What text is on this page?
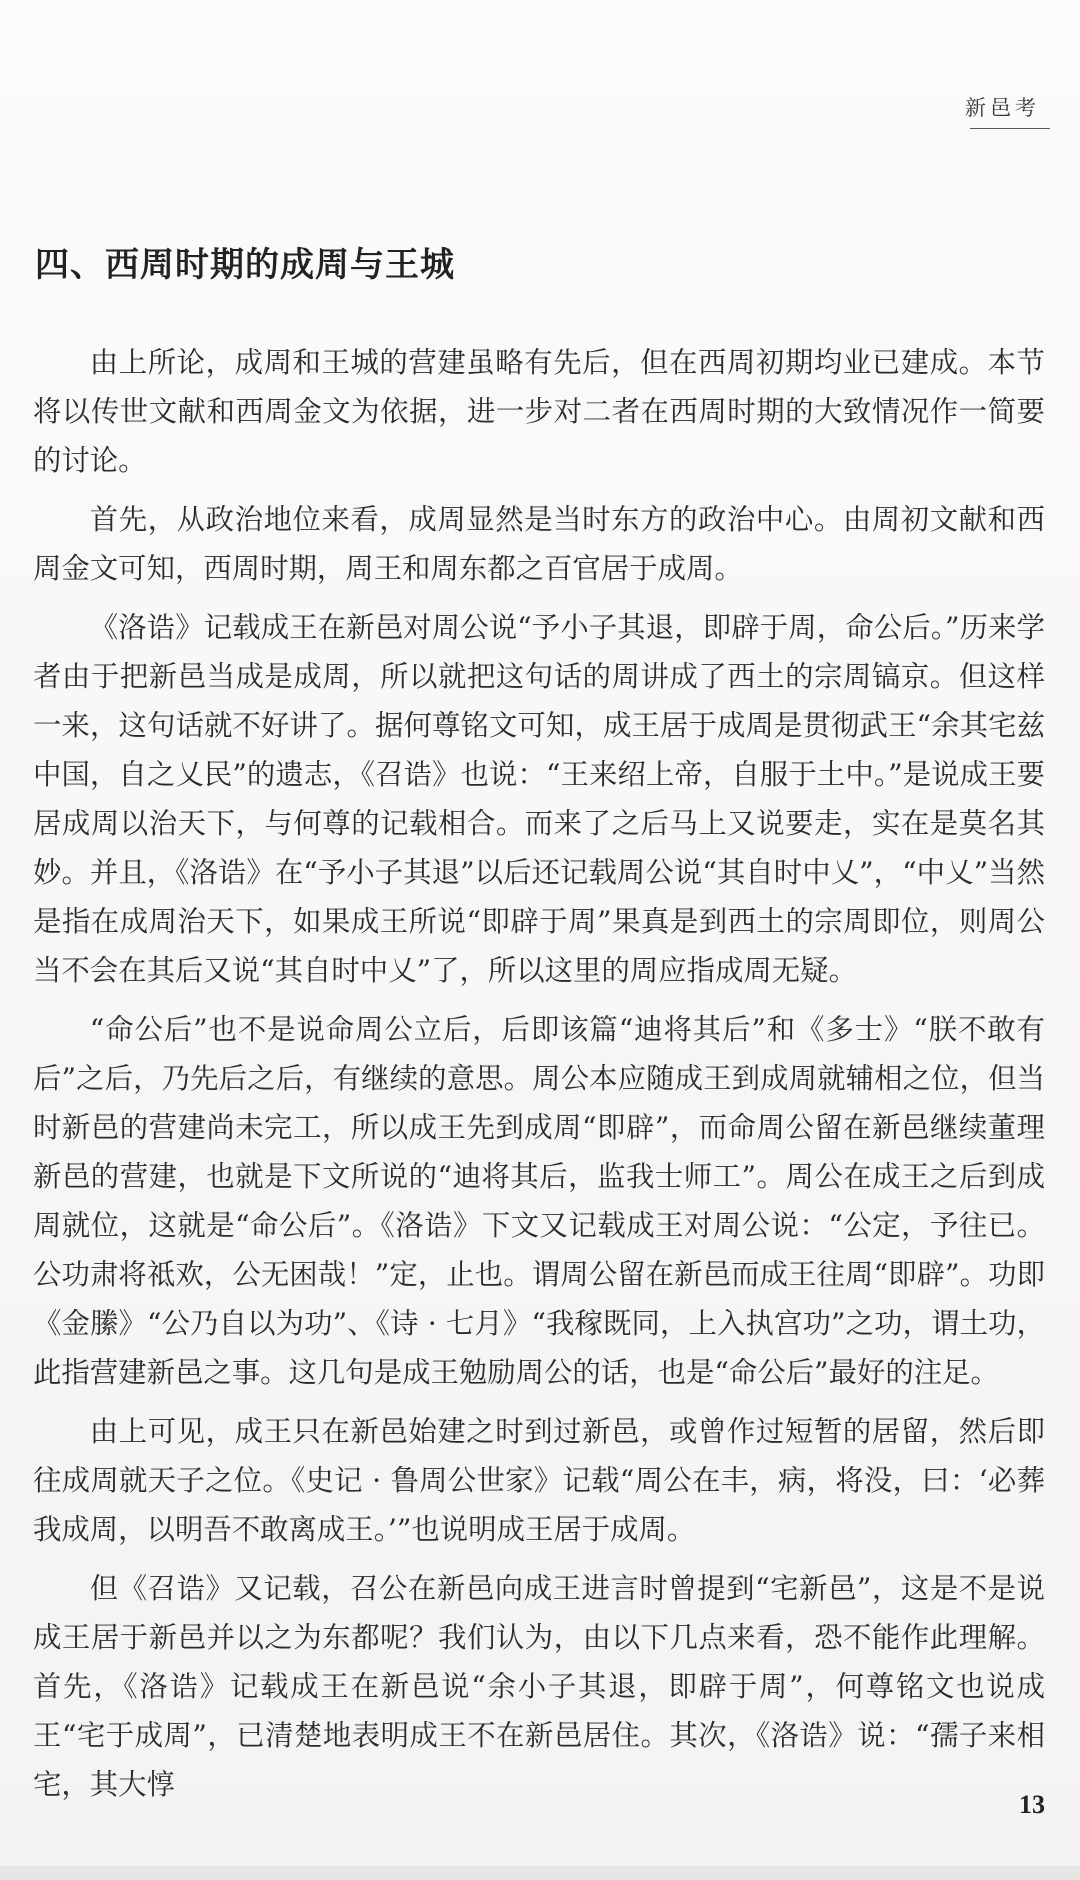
新邑考
四、西周时期的成周与王城

由上所论，成周和王城的营建虽略有先后，但在西周初期均业已建成。本节将以传世文献和西周金文为依据，进一步对二者在西周时期的大致情况作一简要的讨论。

首先，从政治地位来看，成周显然是当时东方的政治中心。由周初文献和西周金文可知，西周时期，周王和周东都之百官居于成周。

《洛诰》记载成王在新邑对周公说“予小子其退，即辟于周，命公后。”历来学者由于把新邑当成是成周，所以就把这句话的周讲成了西土的宗周镐京。但这样一来，这句话就不好讲了。据何尊铭文可知，成王居于成周是贯彻武王“余其宅兹中国，自之乂民”的遗志，《召诰》也说：“王来绍上帝，自服于土中。”是说成王要居成周以治天下，与何尊的记载相合。而来了之后马上又说要走，实在是莫名其妙。并且，《洛诰》在“予小子其退”以后还记载周公说“其自时中乂”，“中乂”当然是指在成周治天下，如果成王所说“即辟于周”果真是到西土的宗周即位，则周公当不会在其后又说“其自时中乂”了，所以这里的周应指成周无疑。

“命公后”也不是说命周公立后，后即该篇“迪将其后”和《多士》“朕不敢有后”之后，乃先后之后，有继续的意思。周公本应随成王到成周就辅相之位，但当时新邑的营建尚未完工，所以成王先到成周“即辟”，而命周公留在新邑继续董理新邑的营建，也就是下文所说的“迪将其后，监我士师工”。周公在成王之后到成周就位，这就是“命公后”。《洛诰》下文又记载成王对周公说：“公定，予往已。公功肃将祗欢，公无困哉！”定，止也。谓周公留在新邑而成王往周“即辟”。功即《金縢》“公乃自以为功”、《诗 · 七月》“我稼既同，上入执宫功”之功，谓土功，此指营建新邑之事。这几句是成王勉励周公的话，也是“命公后”最好的注足。

由上可见，成王只在新邑始建之时到过新邑，或曾作过短暂的居留，然后即往成周就天子之位。《史记 · 鲁周公世家》记载“周公在丰，病，将没，曰：‘必葬我成周，以明吾不敢离成王。’”也说明成王居于成周。

但《召诰》又记载，召公在新邑向成王进言时曾提到“宅新邑”，这是不是说成王居于新邑并以之为东都呢？我们认为，由以下几点来看，恐不能作此理解。首先，《洛诰》记载成王在新邑说“余小子其退，即辟于周”，何尊铭文也说成王“宅于成周”，已清楚地表明成王不在新邑居住。其次，《洛诰》说：“孺子来相宅，其大惇

13
